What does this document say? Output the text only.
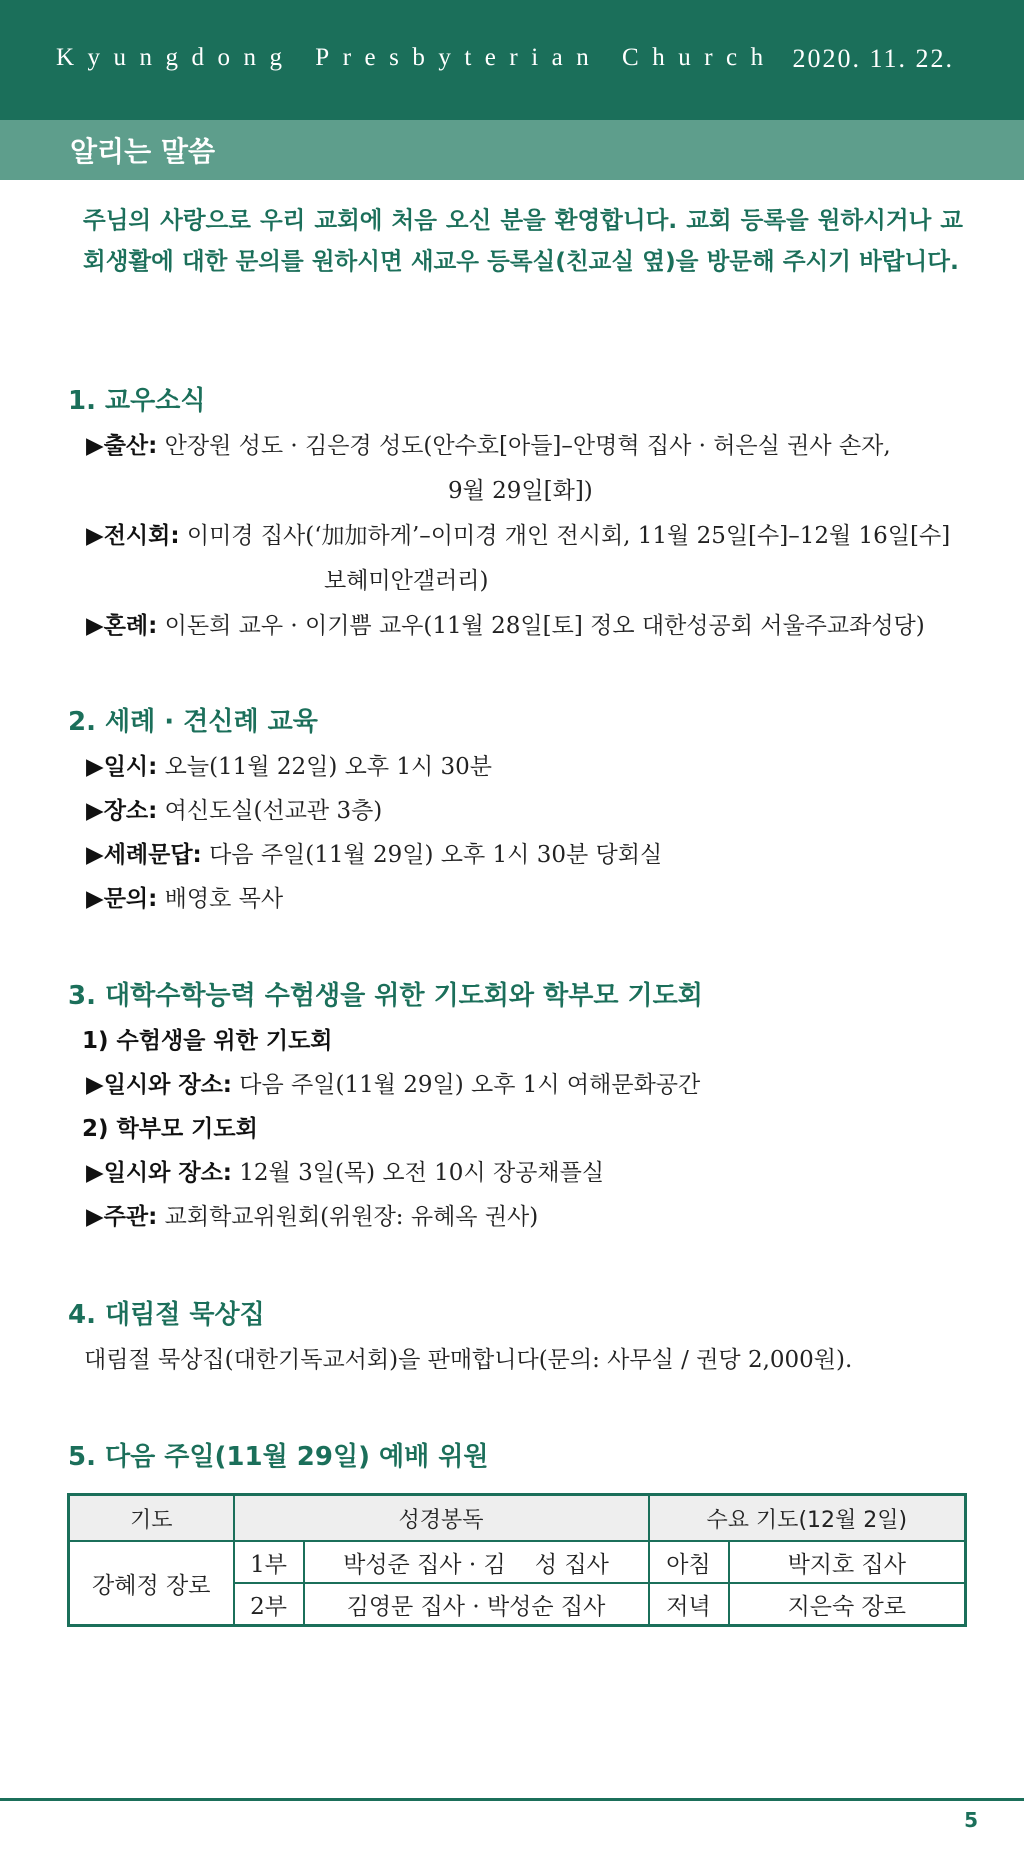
Kyungdong Presbyterian Church 2020. 11. 22.
알리는 말씀
주님의 사랑으로 우리 교회에 처음 오신 분을 환영합니다. 교회 등록을 원하시거나 교회생활에 대한 문의를 원하시면 새교우 등록실(친교실 옆)을 방문해 주시기 바랍니다.
1. 교우소식
▶출산: 안장원 성도 · 김은경 성도(안수호[아들]–안명혁 집사 · 허은실 권사 손자,
9월 29일[화])
▶전시회: 이미경 집사(‘加加하게’–이미경 개인 전시회, 11월 25일[수]–12월 16일[수]
보혜미안갤러리)
▶혼례: 이돈희 교우 · 이기쁨 교우(11월 28일[토] 정오 대한성공회 서울주교좌성당)
2. 세례 · 견신례 교육
▶일시: 오늘(11월 22일) 오후 1시 30분
▶장소: 여신도실(선교관 3층)
▶세례문답: 다음 주일(11월 29일) 오후 1시 30분 당회실
▶문의: 배영호 목사
3. 대학수학능력 수험생을 위한 기도회와 학부모 기도회
1) 수험생을 위한 기도회
▶일시와 장소: 다음 주일(11월 29일) 오후 1시 여해문화공간
2) 학부모 기도회
▶일시와 장소: 12월 3일(목) 오전 10시 장공채플실
▶주관: 교회학교위원회(위원장: 유혜옥 권사)
4. 대림절 묵상집
대림절 묵상집(대한기독교서회)을 판매합니다(문의: 사무실 / 권당 2,000원).
5. 다음 주일(11월 29일) 예배 위원
기도	성경봉독		수요 기도(12월 2일)	
강혜정 장로	1부	박성준 집사 · 김    성 집사	아침	박지호 집사
	2부	김영문 집사 · 박성순 집사	저녁	지은숙 장로
5
